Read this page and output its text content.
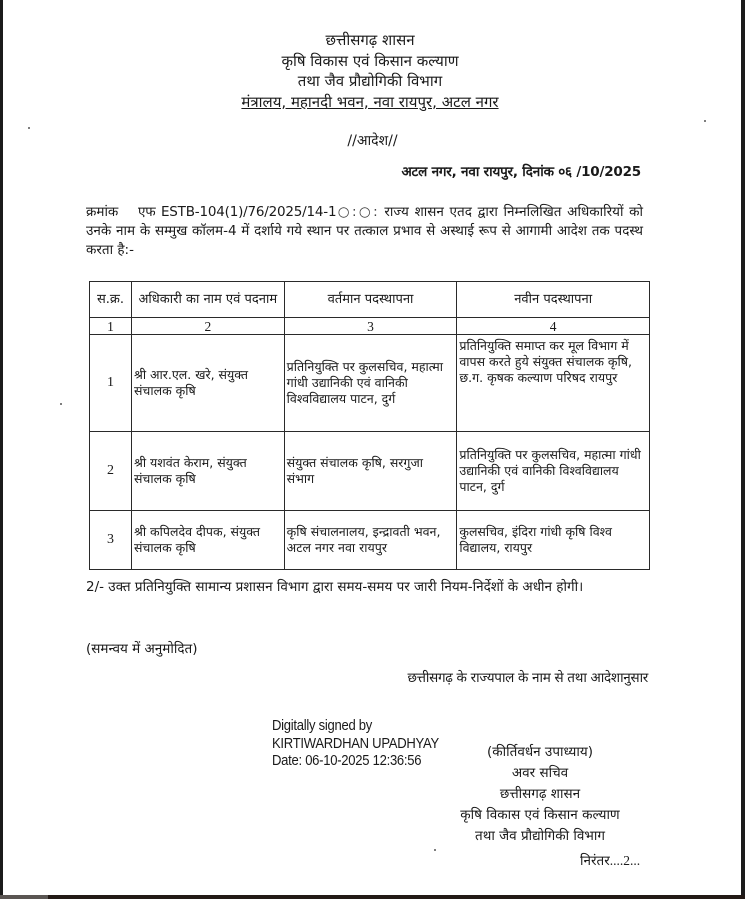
छत्तीसगढ़ शासन
कृषि विकास एवं किसान कल्याण
तथा जैव प्रौद्योगिकी विभाग
मंत्रालय, महानदी भवन, नवा रायपुर, अटल नगर
//आदेश//
अटल नगर, नवा रायपुर, दिनांक ०६ /10/2025
क्रमांक एफ ESTB-104(1)/76/2025/14-1○:○: राज्य शासन एतद द्वारा निम्नलिखित अधिकारियों को उनके नाम के सम्मुख कॉलम-4 में दर्शाये गये स्थान पर तत्काल प्रभाव से अस्थाई रूप से आगामी आदेश तक पदस्थ करता है:-
स.क्र.	अधिकारी का नाम एवं पदनाम	वर्तमान पदस्थापना	नवीन पदस्थापना
1	2	3	4
1	श्री आर.एल. खरे, संयुक्त संचालक कृषि	प्रतिनियुक्ति पर कुलसचिव, महात्मा गांधी उद्यानिकी एवं वानिकी विश्वविद्यालय पाटन, दुर्ग	प्रतिनियुक्ति समाप्त कर मूल विभाग में वापस करते हुये संयुक्त संचालक कृषि, छ.ग. कृषक कल्याण परिषद रायपुर
2	श्री यशवंत केराम, संयुक्त संचालक कृषि	संयुक्त संचालक कृषि, सरगुजा संभाग	प्रतिनियुक्ति पर कुलसचिव, महात्मा गांधी उद्यानिकी एवं वानिकी विश्वविद्यालय पाटन, दुर्ग
3	श्री कपिलदेव दीपक, संयुक्त संचालक कृषि	कृषि संचालनालय, इन्द्रावती भवन, अटल नगर नवा रायपुर	कुलसचिव, इंदिरा गांधी कृषि विश्व विद्यालय, रायपुर
2/- उक्त प्रतिनियुक्ति सामान्य प्रशासन विभाग द्वारा समय-समय पर जारी नियम-निर्देशों के अधीन होगी।
(समन्वय में अनुमोदित)
छत्तीसगढ़ के राज्यपाल के नाम से तथा आदेशानुसार
Digitally signed by
KIRTIWARDHAN UPADHYAY
Date: 06-10-2025 12:36:56
(कीर्तिवर्धन उपाध्याय)
अवर सचिव
छत्तीसगढ़ शासन
कृषि विकास एवं किसान कल्याण
तथा जैव प्रौद्योगिकी विभाग
निरंतर....2...
